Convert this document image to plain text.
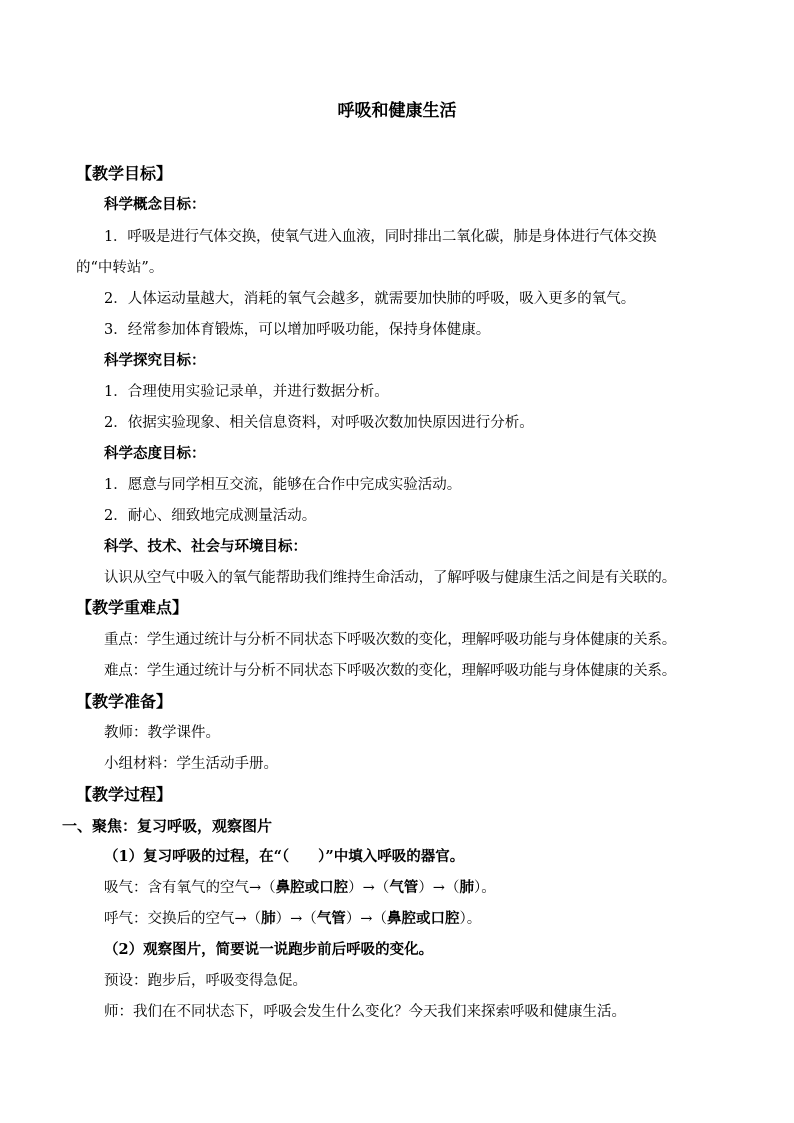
呼吸和健康生活
【教学目标】
科学概念目标：
1．呼吸是进行气体交换，使氧气进入血液，同时排出二氧化碳，肺是身体进行气体交换
的“中转站”。
2．人体运动量越大，消耗的氧气会越多，就需要加快肺的呼吸，吸入更多的氧气。
3．经常参加体育锻炼，可以增加呼吸功能，保持身体健康。
科学探究目标：
1．合理使用实验记录单，并进行数据分析。
2．依据实验现象、相关信息资料，对呼吸次数加快原因进行分析。
科学态度目标：
1．愿意与同学相互交流，能够在合作中完成实验活动。
2．耐心、细致地完成测量活动。
科学、技术、社会与环境目标：
认识从空气中吸入的氧气能帮助我们维持生命活动，了解呼吸与健康生活之间是有关联的。
【教学重难点】
重点：学生通过统计与分析不同状态下呼吸次数的变化，理解呼吸功能与身体健康的关系。
难点：学生通过统计与分析不同状态下呼吸次数的变化，理解呼吸功能与身体健康的关系。
【教学准备】
教师：教学课件。
小组材料：学生活动手册。
【教学过程】
一、聚焦：复习呼吸，观察图片
（1）复习呼吸的过程，在“（　　）”中填入呼吸的器官。
吸气：含有氧气的空气→（鼻腔或口腔）→（气管）→（肺）。
呼气：交换后的空气→（肺）→（气管）→（鼻腔或口腔）。
（2）观察图片，简要说一说跑步前后呼吸的变化。
预设：跑步后，呼吸变得急促。
师：我们在不同状态下，呼吸会发生什么变化？今天我们来探索呼吸和健康生活。
